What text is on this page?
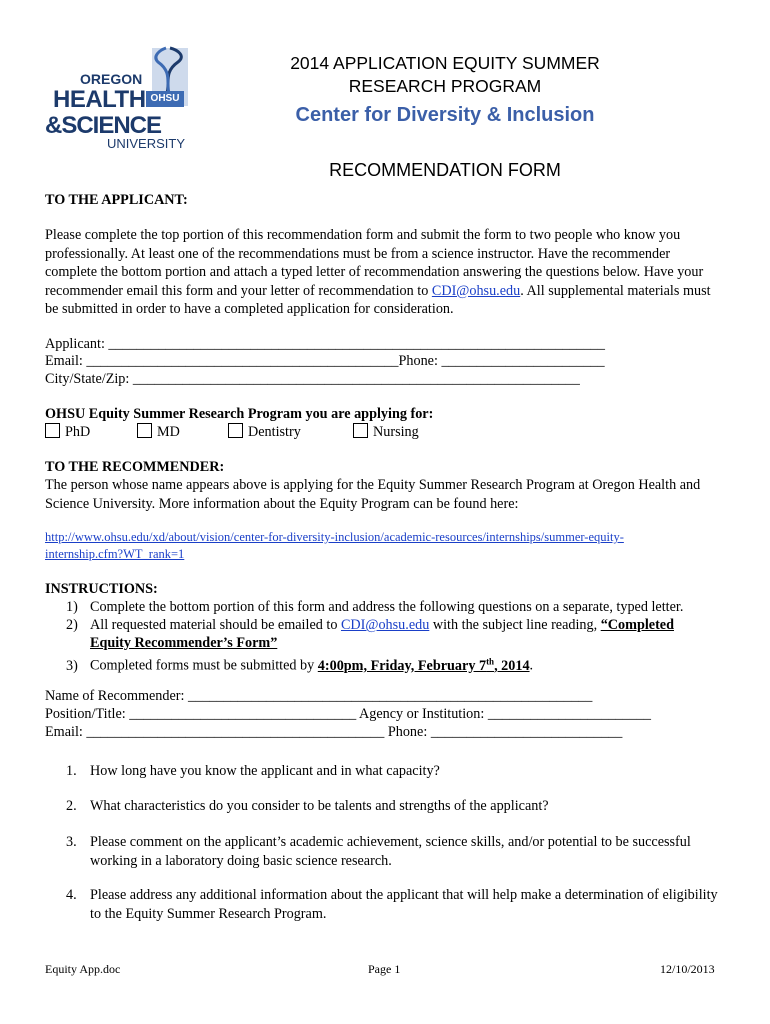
OREGON
HEALTH OHSU
&SCIENCE
UNIVERSITY
2014 APPLICATION EQUITY SUMMER
RESEARCH PROGRAM
Center for Diversity & Inclusion
RECOMMENDATION FORM
TO THE APPLICANT:
Please complete the top portion of this recommendation form and submit the form to two people who know you professionally. At least one of the recommendations must be from a science instructor. Have the recommender complete the bottom portion and attach a typed letter of recommendation answering the questions below. Have your recommender email this form and your letter of recommendation to CDI@ohsu.edu. All supplemental materials must be submitted in order to have a completed application for consideration.
Applicant: ______________________________________________________________________
Email: ____________________________________________Phone: _______________________
City/State/Zip: _______________________________________________________________
OHSU Equity Summer Research Program you are applying for:
PhD	MD	Dentistry	Nursing
TO THE RECOMMENDER:
The person whose name appears above is applying for the Equity Summer Research Program at Oregon Health and Science University. More information about the Equity Program can be found here:
http://www.ohsu.edu/xd/about/vision/center-for-diversity-inclusion/academic-resources/internships/summer-equity-
internship.cfm?WT_rank=1
INSTRUCTIONS:
1) Complete the bottom portion of this form and address the following questions on a separate, typed letter.
2) All requested material should be emailed to CDI@ohsu.edu with the subject line reading, “Completed
Equity Recommender’s Form”
3) Completed forms must be submitted by 4:00pm, Friday, February 7th, 2014.
Name of Recommender: _________________________________________________________
Position/Title: ________________________________ Agency or Institution: _______________________
Email: __________________________________________ Phone: ___________________________
1. How long have you know the applicant and in what capacity?
2. What characteristics do you consider to be talents and strengths of the applicant?
3. Please comment on the applicant’s academic achievement, science skills, and/or potential to be successful working in a laboratory doing basic science research.
4. Please address any additional information about the applicant that will help make a determination of eligibility to the Equity Summer Research Program.
Equity App.doc	Page 1	12/10/2013
